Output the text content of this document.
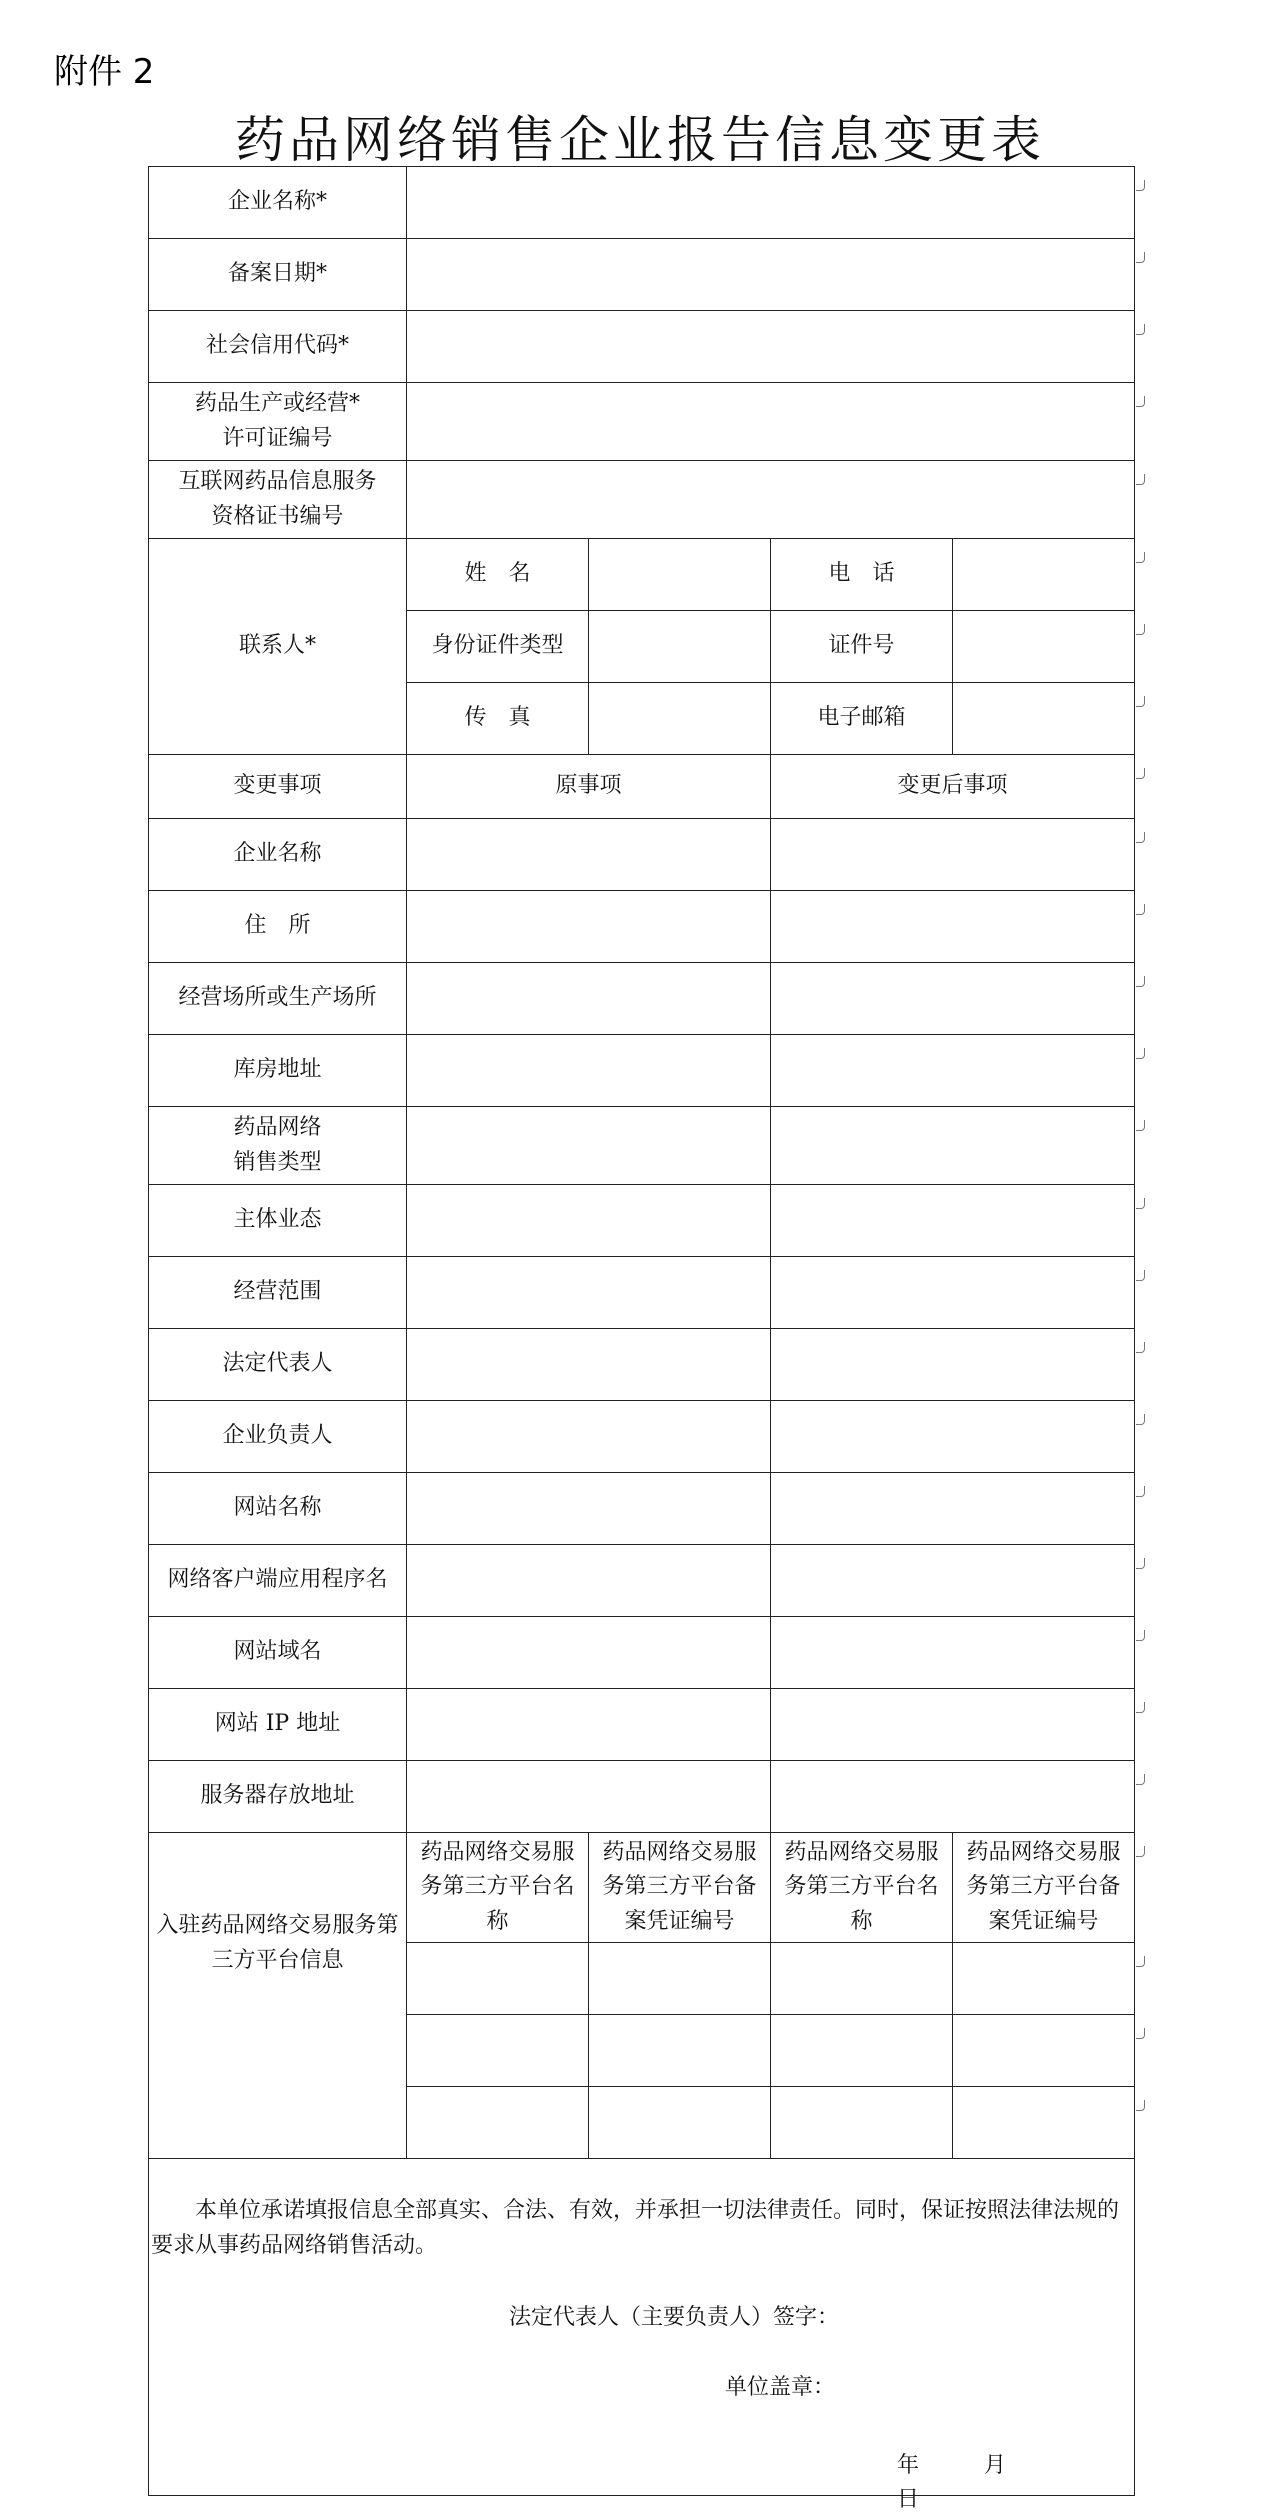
附件 2
药品网络销售企业报告信息变更表
企业名称*				
备案日期*				
社会信用代码*				

药品生产或经营*
许可证编号				

互联网药品信息服务
资格证书编号				

联系人*	姓　名		电　话	
	身份证件类型		证件号	
	传　真		电子邮箱	
变更事项	原事项		变更后事项	
企业名称				
住　所				
经营场所或生产场所				
库房地址				

药品网络
销售类型				

主体业态				
经营范围				
法定代表人				
企业负责人				
网站名称				
网络客户端应用程序名				
网站域名				
网站 IP 地址				
服务器存放地址				

入驻药品网络交易服务第
三方平台信息	药品网络交易服务第三方平台名称	药品网络交易服务第三方平台备案凭证编号	药品网络交易服务第三方平台名称	药品网络交易服务第三方平台备案凭证编号

本单位承诺填报信息全部真实、合法、有效，并承担一切法律责任。同时，保证按照法律法规的要求从事药品网络销售活动。
法定代表人（主要负责人）签字：
单位盖章：
年 月 日				
